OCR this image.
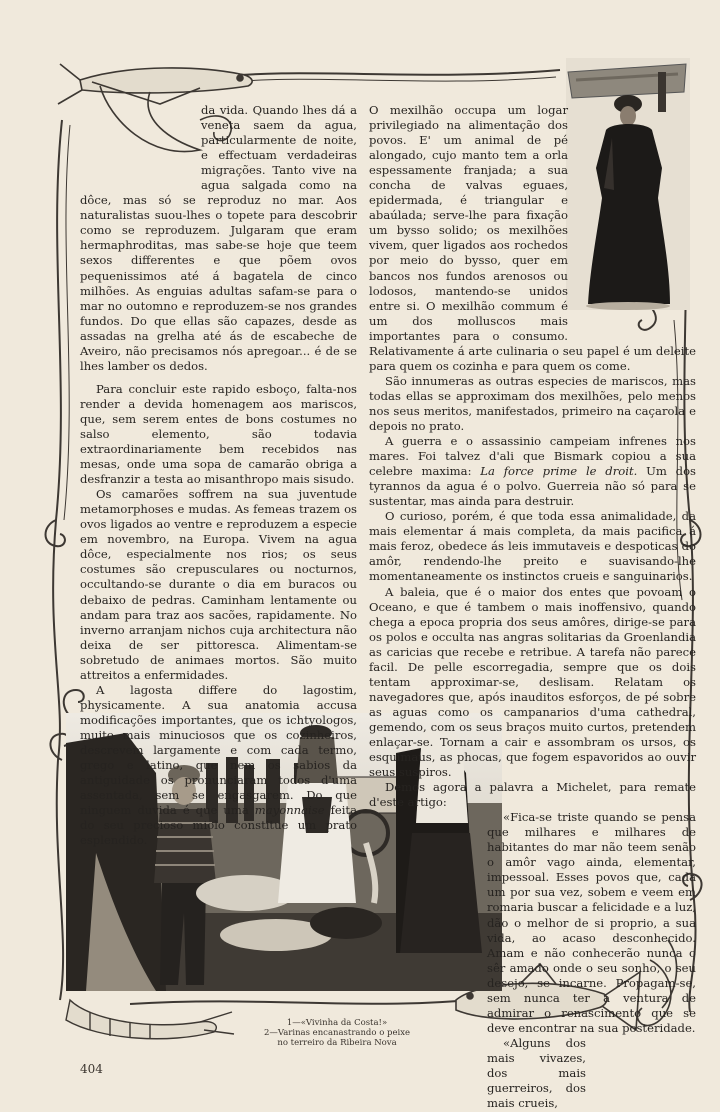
da vida. Quando lhes dá a veneta saem da agua, particularmente de noite, e effectuam verdadeiras migrações. Tanto vive na agua salgada como na dôce, mas só se reproduz no mar. Aos naturalistas suou-lhes o topete para descobrir como se reproduzem. Julgaram que eram hermaphroditas, mas sabe-se hoje que teem sexos differentes e que põem ovos pequenissimos até á bagatela de cinco milhões. As enguias adultas safam-se para o mar no outomno e reproduzem-se nos grandes fundos. Do que ellas são capazes, desde as assadas na grelha até ás de escabeche de Aveiro, não precisamos nós apregoar... é de se lhes lamber os dedos.

Para concluir este rapido esboço, falta-nos render a devida homenagem aos mariscos, que, sem serem entes de bons costumes no salso elemento, são todavia extraordinariamente bem recebidos nas mesas, onde uma sopa de camarão obriga a desfranzir a testa ao misanthropo mais sisudo.

Os camarões soffrem na sua juventude metamorphoses e mudas. As femeas trazem os ovos ligados ao ventre e reproduzem a especie em novembro, na Europa. Vivem na agua dôce, especialmente nos rios; os seus costumes são crepusculares ou nocturnos, occultando-se durante o dia em buracos ou debaixo de pedras. Caminham lentamente ou andam para traz aos sacões, rapidamente. No inverno arranjam nichos cuja architectura não deixa de ser pittoresca. Alimentam-se sobretudo de animaes mortos. São muito attreitos a enfermidades.

A lagosta differe do lagostim, physicamente. A sua anatomia accusa modificações importantes, que os ichtyologos, muito mais minuciosos que os cozinheiros, descrevem largamente e com cada termo, grego e latino, que nem os sabios da antiguidade os pronunciaram todos d'uma assentada, sem se engasgarem. Do que ninguem duvida é que uma mayonnaise feita do seu precioso miolo constitue um prato esplendido.

O mexilhão occupa um logar privilegiado na alimentação dos povos. E' um animal de pé alongado, cujo manto tem a orla espessamente franjada; a sua concha de valvas eguaes, epidermada, é triangular e abaúlada; serve-lhe para fixação um bysso solido; os mexilhões vivem, quer ligados aos rochedos por meio do bysso, quer em bancos nos fundos arenosos ou lodosos, mantendo-se unidos entre si. O mexilhão commum é um dos molluscos mais importantes para o consumo. Relativamente á arte culinaria o seu papel é um deleite para quem os cozinha e para quem os come.

São innumeras as outras especies de mariscos, mas todas ellas se approximam dos mexilhões, pelo menos nos seus meritos, manifestados, primeiro na caçarola e depois no prato.

A guerra e o assassinio campeiam infrenes nos mares. Foi talvez d'ali que Bismark copiou a sua celebre maxima: La force prime le droit. Um dos tyrannos da agua é o polvo. Guerreia não só para se sustentar, mas ainda para destruir.

O curioso, porém, é que toda essa animalidade, da mais elementar á mais completa, da mais pacifica á mais feroz, obedece ás leis immutaveis e despoticas do amôr, rendendo-lhe preito e suavisando-lhe momentaneamente os instinctos crueis e sanguinarios.

A baleia, que é o maior dos entes que povoam o Oceano, e que é tambem o mais inoffensivo, quando chega a epoca propria dos seus amôres, dirige-se para os polos e occulta nas angras solitarias da Groenlandia as caricias que recebe e retribue. A tarefa não parece facil. De pelle escorregadia, sempre que os dois tentam approximar-se, deslisam. Relatam os navegadores que, após inauditos esforços, de pé sobre as aguas como os campanarios d'uma cathedral, gemendo, com os seus braços muito curtos, pretendem enlaçar-se. Tornam a cair e assombram os ursos, os esquimaus, as phocas, que fogem espavoridos ao ouvir seus suspiros.

Demos agora a palavra a Michelet, para remate d'este artigo:

«Fica-se triste quando se pensa que milhares e milhares de habitantes do mar não teem senão o amôr vago ainda, elementar, impessoal. Esses povos que, cada um por sua vez, sobem e veem em romaria buscar a felicidade e a luz, dão o melhor de si proprio, a sua vida, ao acaso desconhecido. Amam e não conhecerão nunca o sêr amado onde o seu sonho, o seu desejo, se incarne. Propagam-se, sem nunca ter a ventura de admirar o renascimento que se deve encontrar na sua posteridade.

«Alguns dos mais vivazes, dos mais guerreiros, dos mais crueis,

1—«Vivinha da Costa!»
2—Varinas encanastrando o peixe
no terreiro da Ribeira Nova
404
